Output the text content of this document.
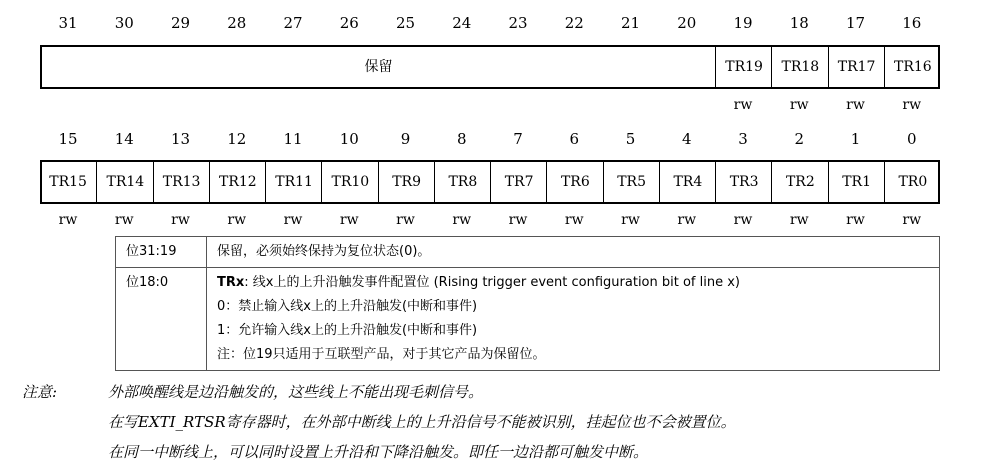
31	30	29	28	27	26	25	24	23	22	21	20	19	18	17	16
保留	TR19	TR18	TR17	TR16
rw	rw	rw	rw
15	14	13	12	11	10	9	8	7	6	5	4	3	2	1	0
TR15	TR14	TR13	TR12	TR11	TR10	TR9	TR8	TR7	TR6	TR5	TR4	TR3	TR2	TR1	TR0
rw	rw	rw	rw	rw	rw	rw	rw	rw	rw	rw	rw	rw	rw	rw	rw
位31:19	保留，必须始终保持为复位状态(0)。

位18:0	TRx: 线x上的上升沿触发事件配置位 (Rising trigger event configuration bit of line x)
0：禁止输入线x上的上升沿触发(中断和事件)
1：允许输入线x上的上升沿触发(中断和事件)
注：位19只适用于互联型产品，对于其它产品为保留位。
注意:	外部唤醒线是边沿触发的，这些线上不能出现毛刺信号。
在写EXTI_RTSR寄存器时，在外部中断线上的上升沿信号不能被识别，挂起位也不会被置位。
在同一中断线上，可以同时设置上升沿和下降沿触发。即任一边沿都可触发中断。
